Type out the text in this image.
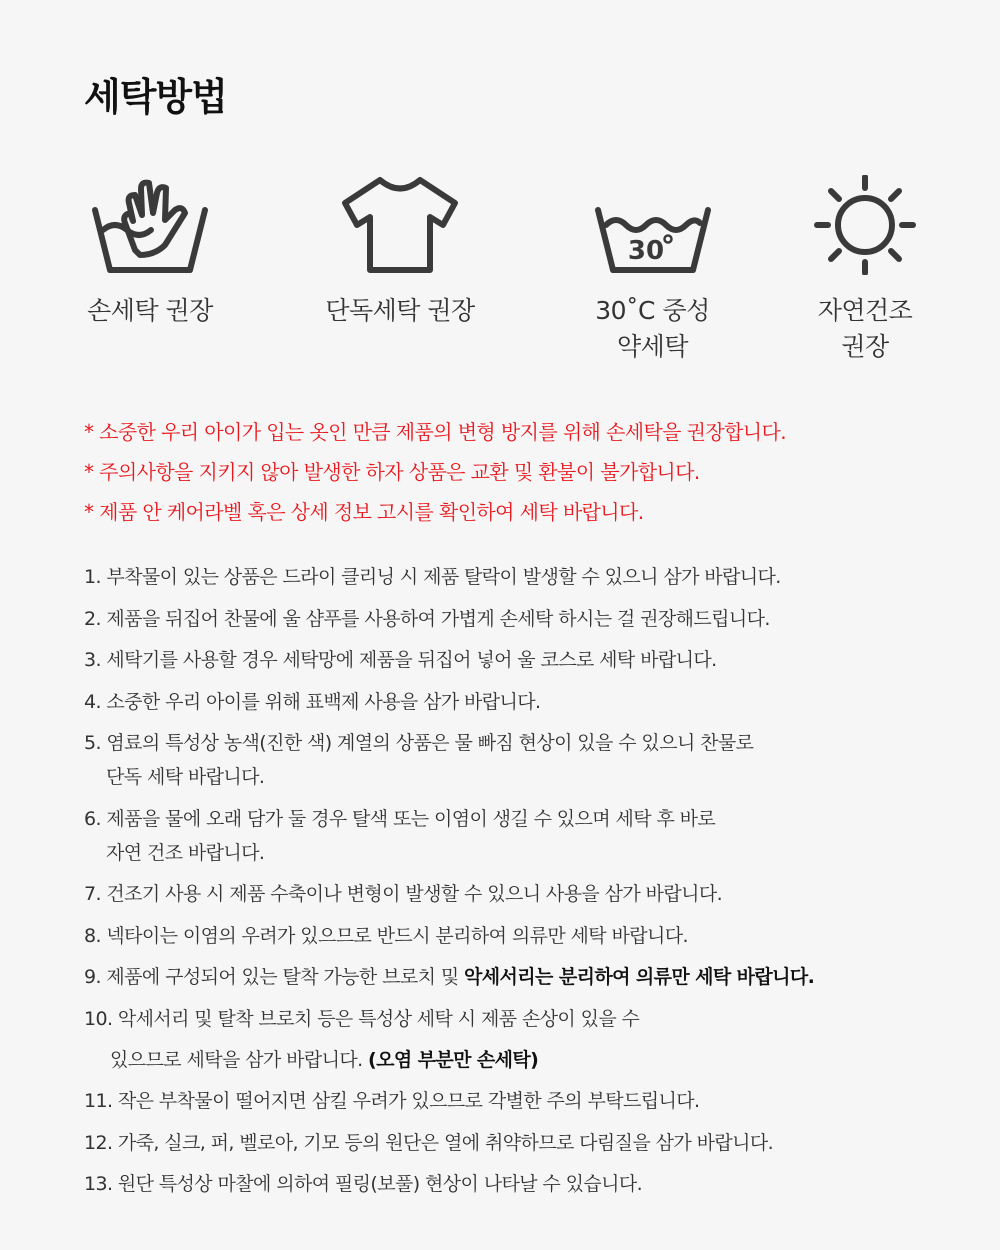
세탁방법
손세탁 권장	단독세탁 권장
30
30˚C 중성
약세탁
자연건조
권장
* 소중한 우리 아이가 입는 옷인 만큼 제품의 변형 방지를 위해 손세탁을 권장합니다.
* 주의사항을 지키지 않아 발생한 하자 상품은 교환 및 환불이 불가합니다.
* 제품 안 케어라벨 혹은 상세 정보 고시를 확인하여 세탁 바랍니다.
1. 부착물이 있는 상품은 드라이 클리닝 시 제품 탈락이 발생할 수 있으니 삼가 바랍니다.
2. 제품을 뒤집어 찬물에 울 샴푸를 사용하여 가볍게 손세탁 하시는 걸 권장해드립니다.
3. 세탁기를 사용할 경우 세탁망에 제품을 뒤집어 넣어 울 코스로 세탁 바랍니다.
4. 소중한 우리 아이를 위해 표백제 사용을 삼가 바랍니다.
5. 염료의 특성상 농색(진한 색) 계열의 상품은 물 빠짐 현상이 있을 수 있으니 찬물로
단독 세탁 바랍니다.
6. 제품을 물에 오래 담가 둘 경우 탈색 또는 이염이 생길 수 있으며 세탁 후 바로
자연 건조 바랍니다.
7. 건조기 사용 시 제품 수축이나 변형이 발생할 수 있으니 사용을 삼가 바랍니다.
8. 넥타이는 이염의 우려가 있으므로 반드시 분리하여 의류만 세탁 바랍니다.
9. 제품에 구성되어 있는 탈착 가능한 브로치 및 악세서리는 분리하여 의류만 세탁 바랍니다.
10. 악세서리 및 탈착 브로치 등은 특성상 세탁 시 제품 손상이 있을 수
있으므로 세탁을 삼가 바랍니다. (오염 부분만 손세탁)
11. 작은 부착물이 떨어지면 삼킬 우려가 있으므로 각별한 주의 부탁드립니다.
12. 가죽, 실크, 퍼, 벨로아, 기모 등의 원단은 열에 취약하므로 다림질을 삼가 바랍니다.
13. 원단 특성상 마찰에 의하여 필링(보풀) 현상이 나타날 수 있습니다.
